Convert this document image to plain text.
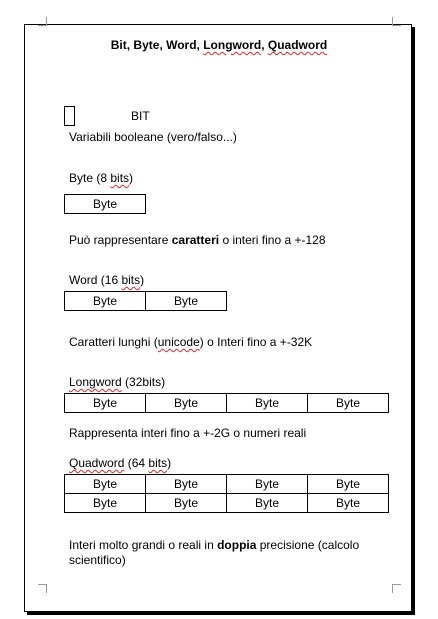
Bit, Byte, Word, Longword, Quadword
BIT
Variabili booleane (vero/falso...)
Byte (8 bits)
Byte
Può rappresentare caratteri o interi fino a +-128
Word (16 bits)
Byte	Byte
Caratteri lunghi (unicode) o Interi fino a +-32K
Longword (32bits)
Byte	Byte	Byte	Byte
Rappresenta interi fino a +-2G o numeri reali
Quadword (64 bits)
Byte	Byte	Byte	Byte
Byte	Byte	Byte	Byte
Interi molto grandi o reali in doppia precisione (calcolo
scientifico)
